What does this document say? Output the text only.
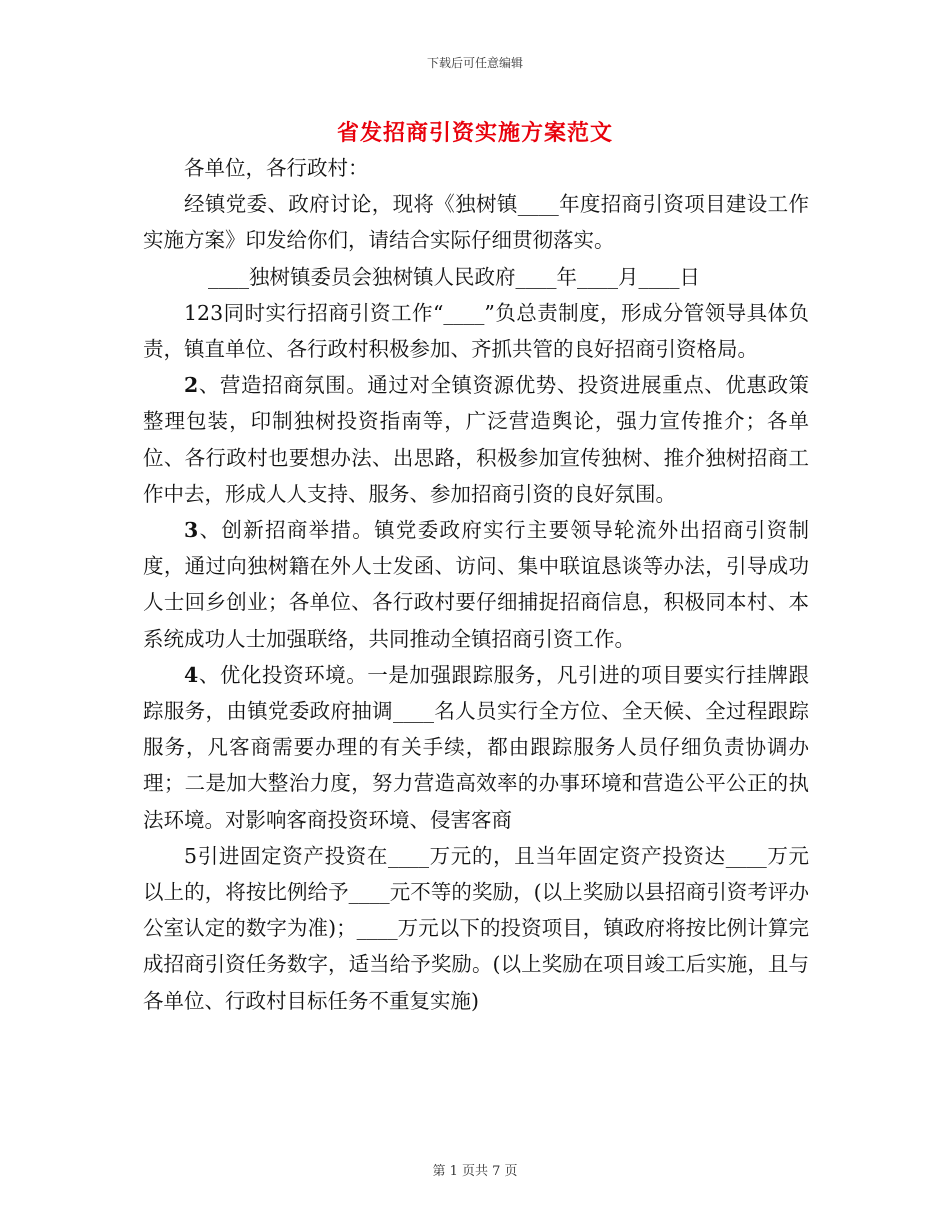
下载后可任意编辑
省发招商引资实施方案范文

各单位，各行政村：

经镇党委、政府讨论，现将《独树镇____年度招商引资项目建设工作实施方案》印发给你们，请结合实际仔细贯彻落实。

____独树镇委员会独树镇人民政府____年____月____日

123同时实行招商引资工作“____”负总责制度，形成分管领导具体负责，镇直单位、各行政村积极参加、齐抓共管的良好招商引资格局。

2、营造招商氛围。通过对全镇资源优势、投资进展重点、优惠政策整理包装，印制独树投资指南等，广泛营造舆论，强力宣传推介；各单位、各行政村也要想办法、出思路，积极参加宣传独树、推介独树招商工作中去，形成人人支持、服务、参加招商引资的良好氛围。

3、创新招商举措。镇党委政府实行主要领导轮流外出招商引资制度，通过向独树籍在外人士发函、访问、集中联谊恳谈等办法，引导成功人士回乡创业；各单位、各行政村要仔细捕捉招商信息，积极同本村、本系统成功人士加强联络，共同推动全镇招商引资工作。

4、优化投资环境。一是加强跟踪服务，凡引进的项目要实行挂牌跟踪服务，由镇党委政府抽调____名人员实行全方位、全天候、全过程跟踪服务，凡客商需要办理的有关手续，都由跟踪服务人员仔细负责协调办理；二是加大整治力度，努力营造高效率的办事环境和营造公平公正的执法环境。对影响客商投资环境、侵害客商

5引进固定资产投资在____万元的，且当年固定资产投资达____万元以上的，将按比例给予____元不等的奖励，(以上奖励以县招商引资考评办公室认定的数字为准)；____万元以下的投资项目，镇政府将按比例计算完成招商引资任务数字，适当给予奖励。(以上奖励在项目竣工后实施，且与各单位、行政村目标任务不重复实施)

第 1 页共 7 页
